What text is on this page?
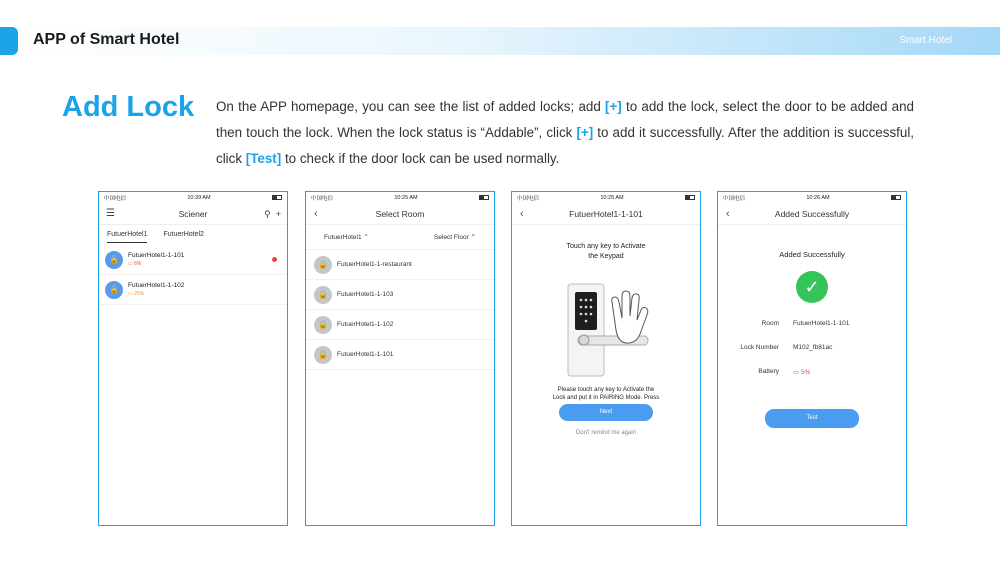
APP of Smart Hotel	Smart Hotel
Add Lock On the APP homepage, you can see the list of added locks; add [+] to add the lock, select the door to be added and then touch the lock. When the lock status is “Addable”, click [+] to add it successfully. After the addition is successful, click [Test] to check if the door lock can be used normally.
中国电信	10:39 AM
☰	Sciener	⚲ +
FutuerHotel1 FutuerHotel2
🔒	FutuerHotel1-1-101
▭ 6%
🔒	FutuerHotel1-1-102
▭ 25%
中国电信	10:25 AM
‹	Select Room
FutuerHotel1 ⌃	Select Floor ⌃
🔒	FutuerHotel1-1-restaurant
🔒	FutuerHotel1-1-103
🔒	FutuerHotel1-1-102
🔒	FutuerHotel1-1-101
中国电信	10:25 AM
‹	FutuerHotel1-1-101
Touch any key to Activate
the Keypad
Please touch any key to Activate the
Lock and put it in PAIRING Mode. Press
Next
Don't remind me again
中国电信	10:26 AM
‹	Added Successfully
Added Successfully
✓
Room	FutuerHotel1-1-101
Lock Number	M102_fb81ac
Battery	▭ 5%
Test
